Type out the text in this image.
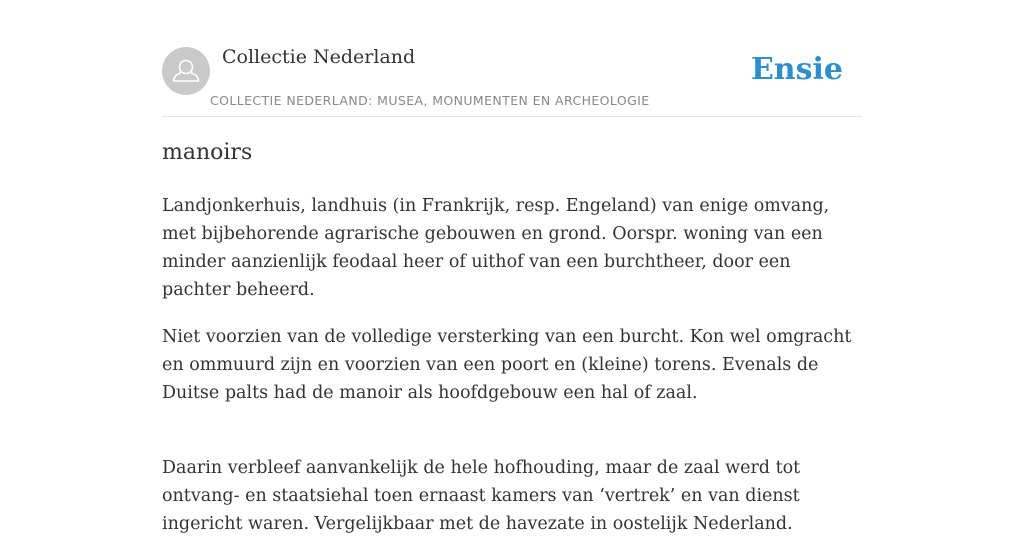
Collectie Nederland
COLLECTIE NEDERLAND: MUSEA, MONUMENTEN EN ARCHEOLOGIE
Ensie
manoirs

Landjonkerhuis, landhuis (in Frankrijk, resp. Engeland) van enige omvang, met bijbehorende agrarische gebouwen en grond. Oorspr. woning van een minder aanzienlijk feodaal heer of uithof van een burchtheer, door een pachter beheerd.

Niet voorzien van de volledige versterking van een burcht. Kon wel omgracht en ommuurd zijn en voorzien van een poort en (kleine) torens. Evenals de Duitse palts had de manoir als hoofdgebouw een hal of zaal.

Daarin verbleef aanvankelijk de hele hofhouding, maar de zaal werd tot ontvang- en staatsiehal toen ernaast kamers van ‘vertrek’ en van dienst ingericht waren. Vergelijkbaar met de havezate in oostelijk Nederland.
